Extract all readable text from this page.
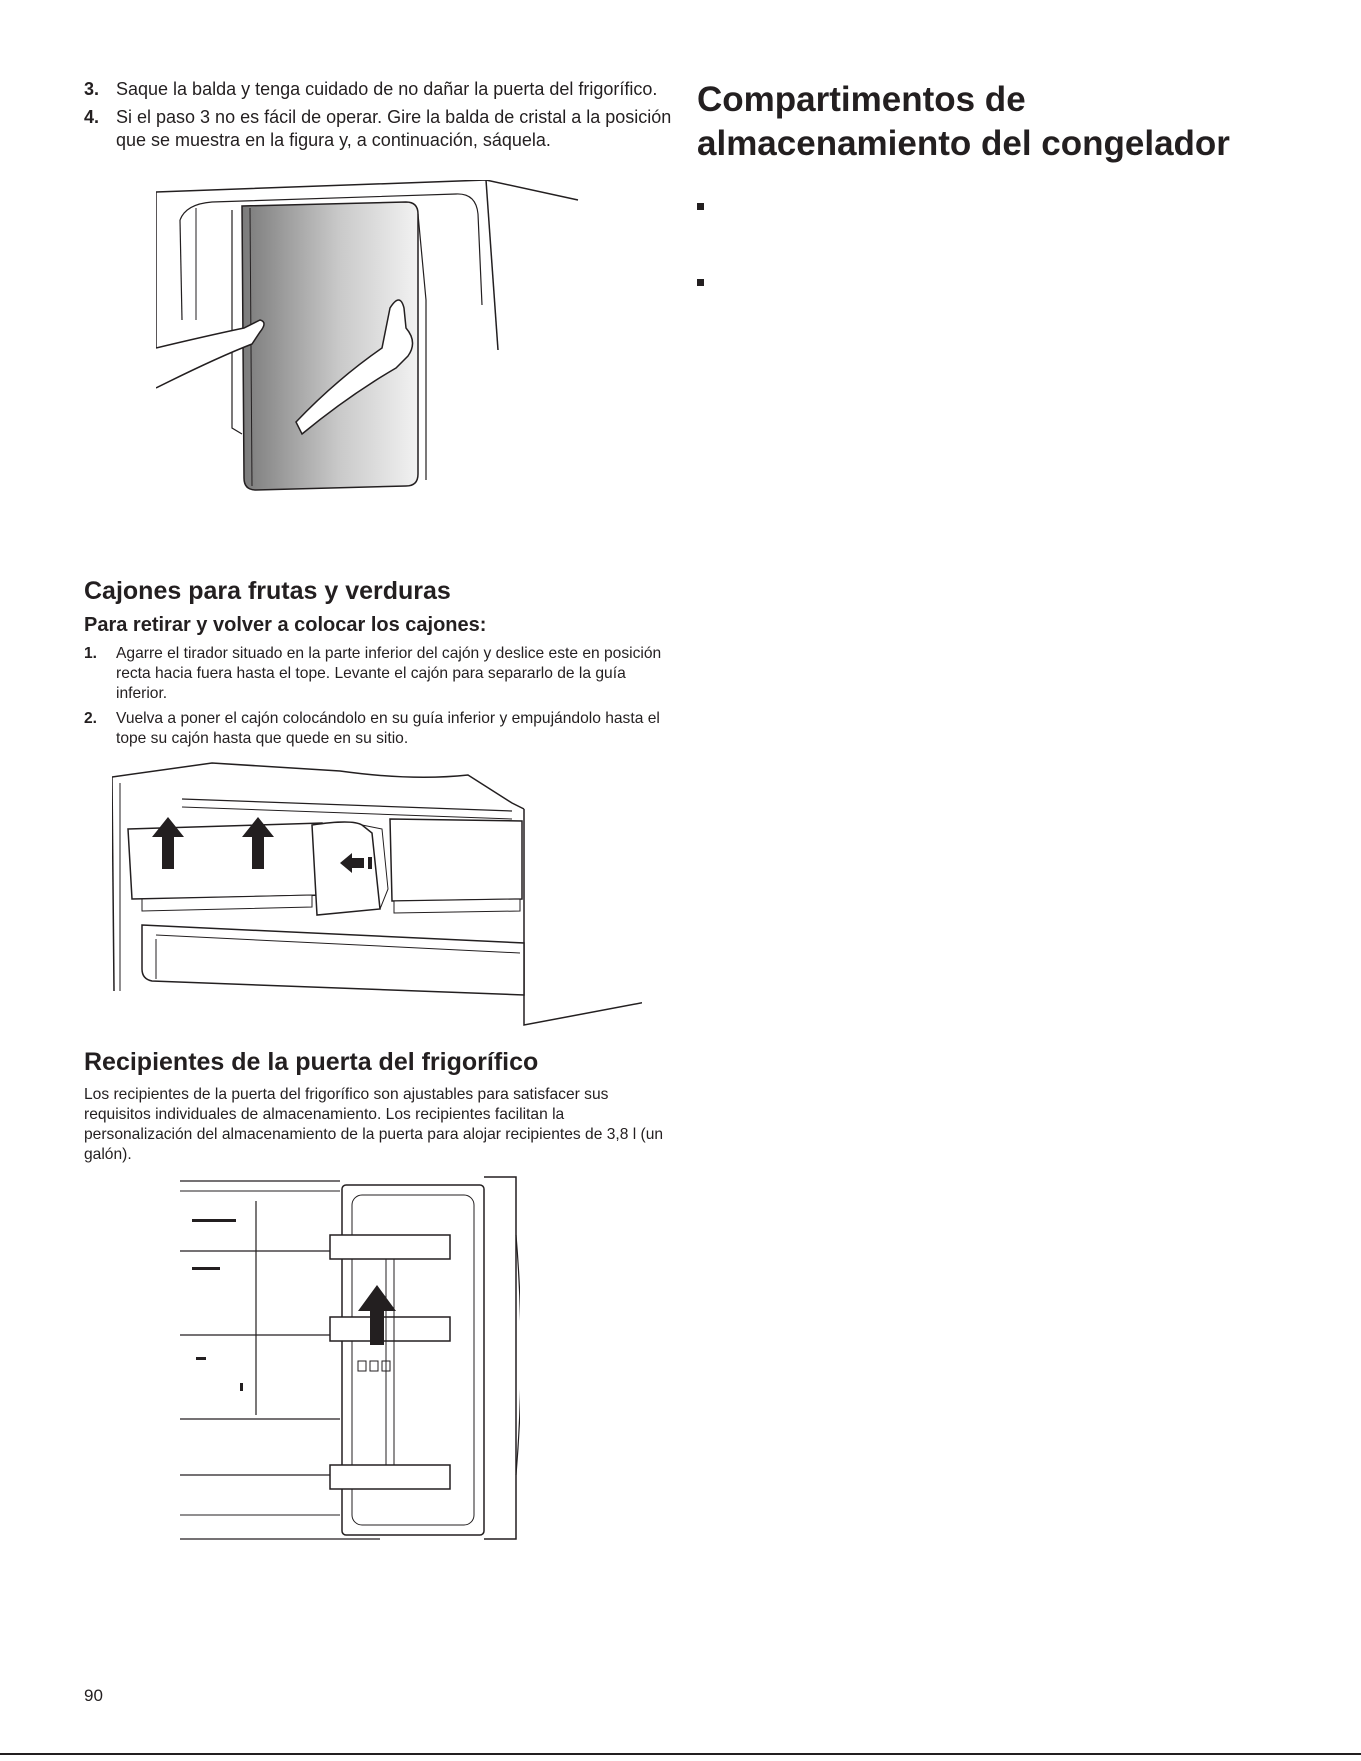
3. Saque la balda y tenga cuidado de no dañar la puerta del frigorífico.
4. Si el paso 3 no es fácil de operar. Gire la balda de cristal a la posición que se muestra en la figura y, a continuación, sáquela.
Cajones para frutas y verduras
Para retirar y volver a colocar los cajones:
1.	Agarre el tirador situado en la parte inferior del cajón y deslice este en posición recta hacia fuera hasta el tope. Levante el cajón para separarlo de la guía inferior.
2.	Vuelva a poner el cajón colocándolo en su guía inferior y empujándolo hasta el tope su cajón hasta que quede en su sitio.
Recipientes de la puerta del frigorífico

Los recipientes de la puerta del frigorífico son ajustables para satisfacer sus requisitos individuales de almacenamiento. Los recipientes facilitan la personalización del almacenamiento de la puerta para alojar recipientes de 3,8 l (un galón).

Compartimentos de
almacenamiento del congelador
90
